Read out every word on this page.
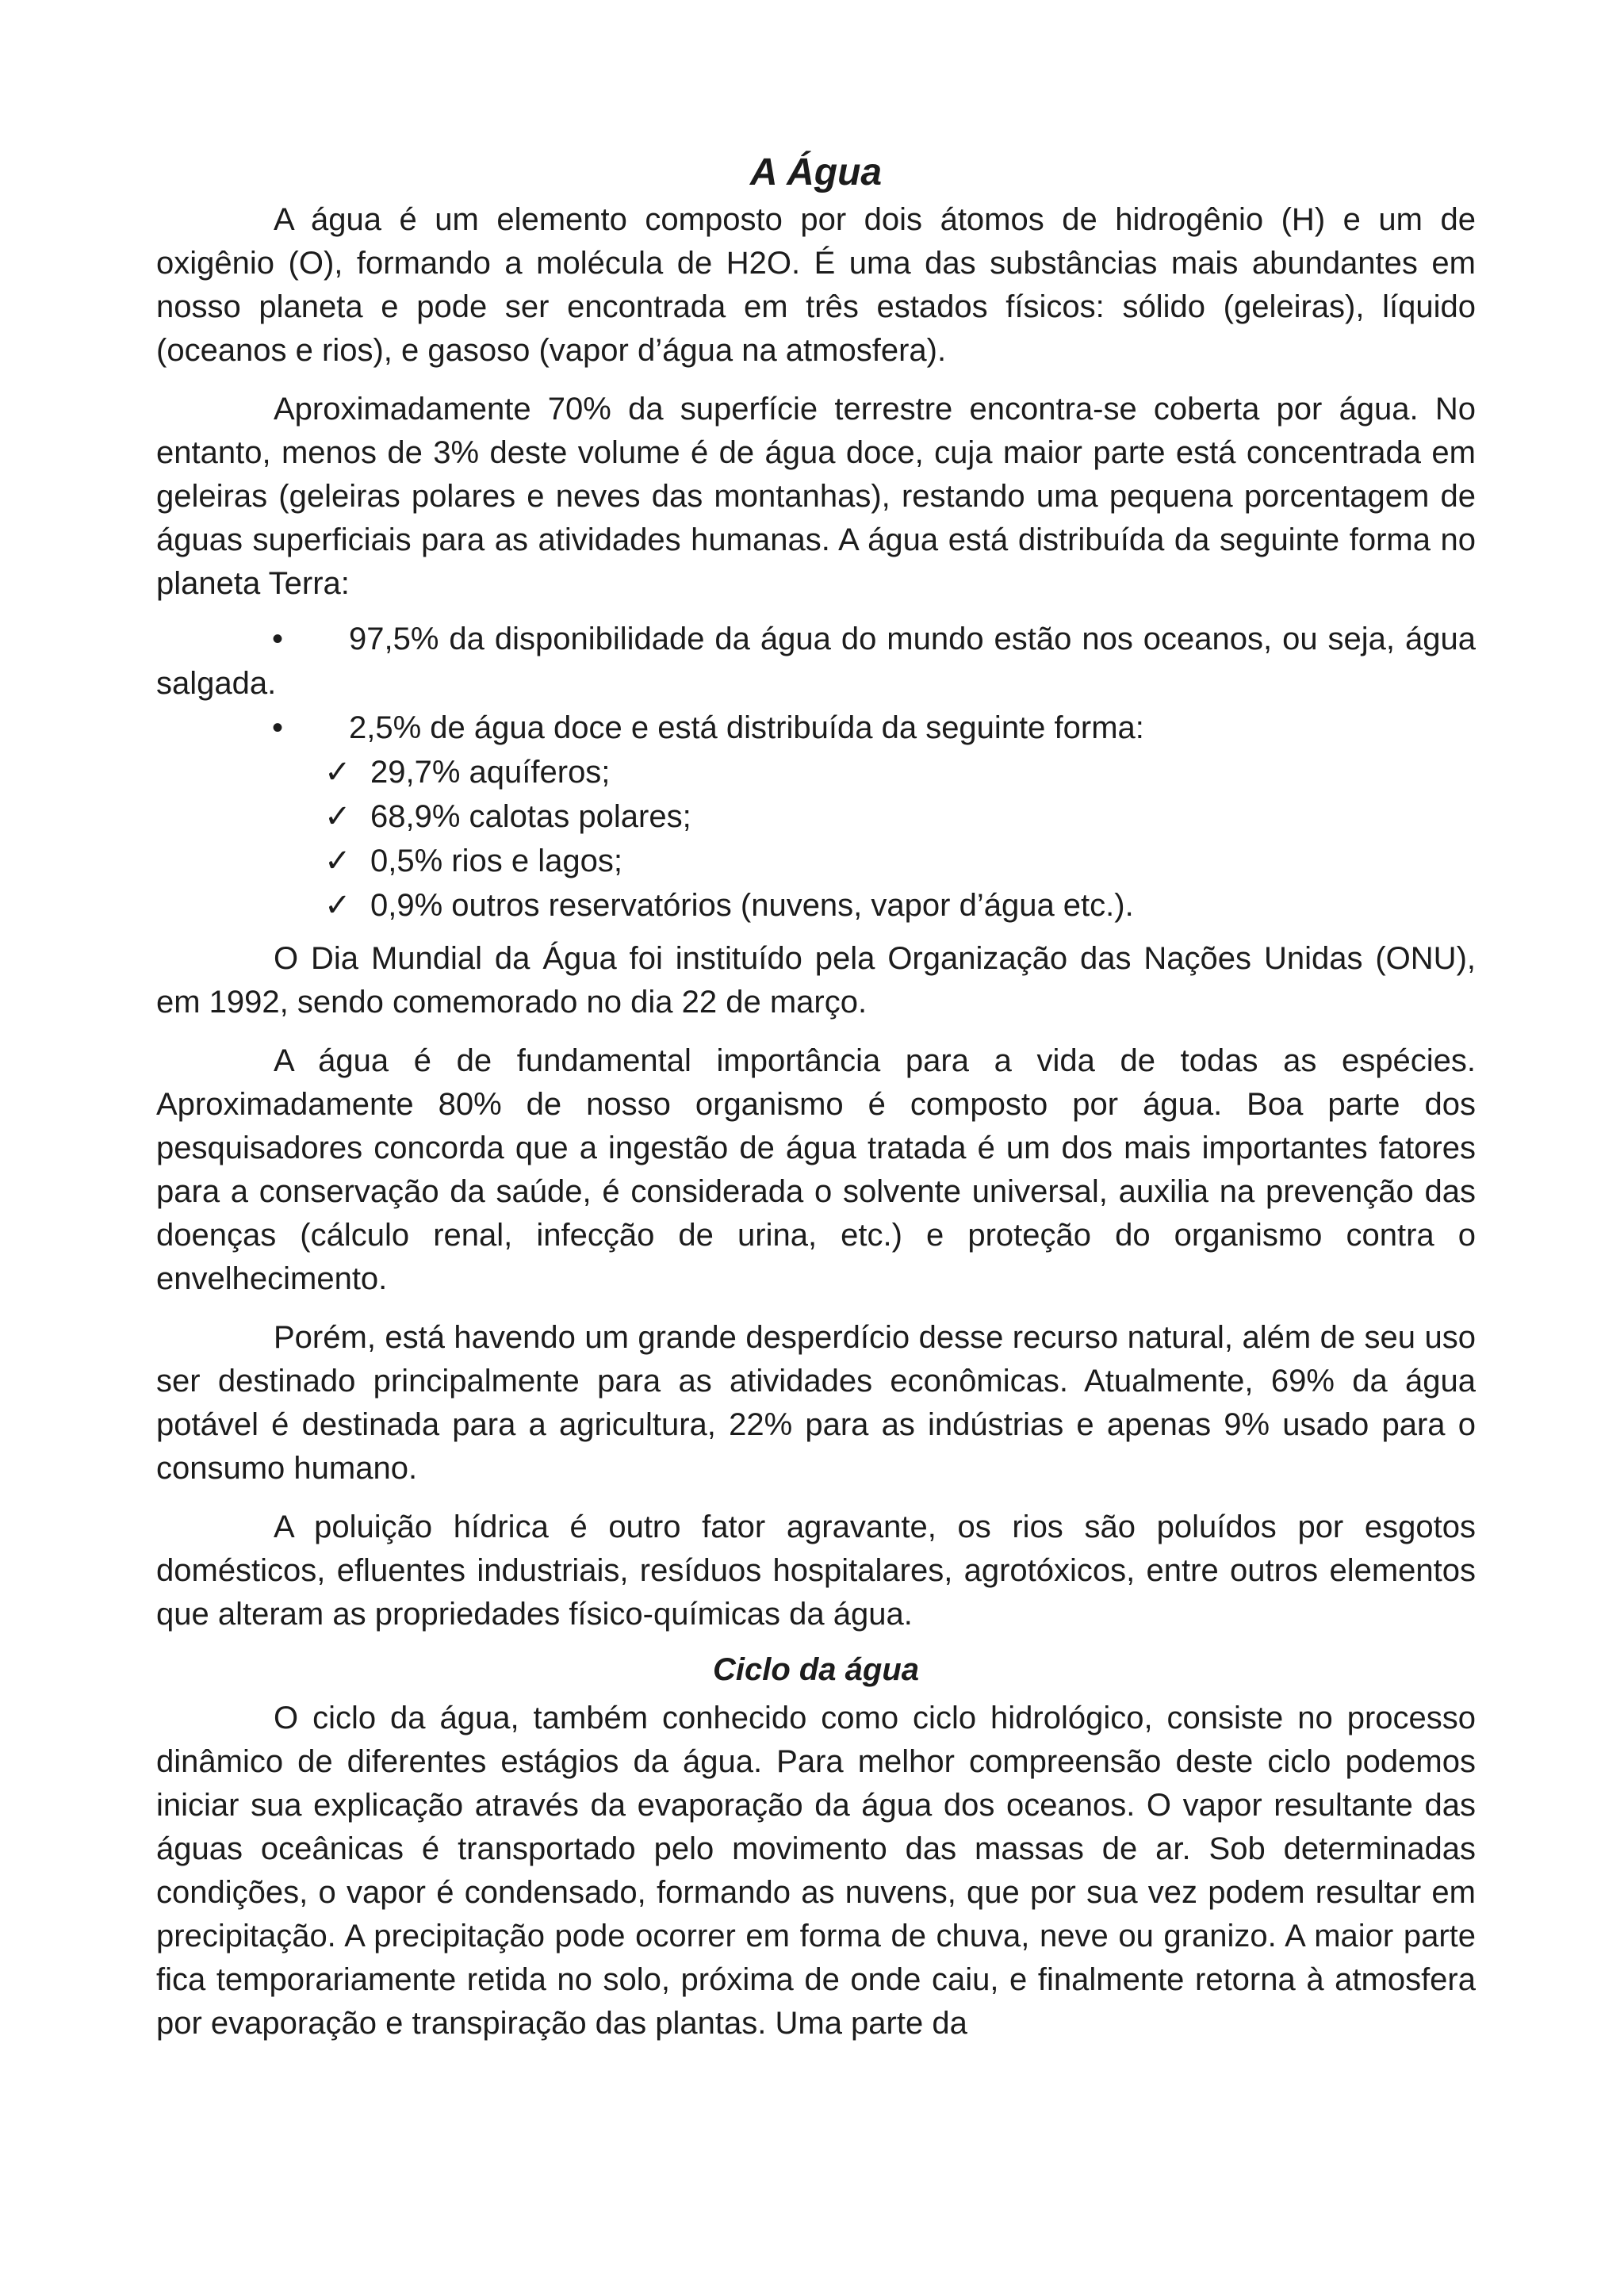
A Água

A água é um elemento composto por dois átomos de hidrogênio (H) e um de oxigênio (O), formando a molécula de H2O. É uma das substâncias mais abundantes em nosso planeta e pode ser encontrada em três estados físicos: sólido (geleiras), líquido (oceanos e rios), e gasoso (vapor d’água na atmosfera).

Aproximadamente 70% da superfície terrestre encontra-se coberta por água. No entanto, menos de 3% deste volume é de água doce, cuja maior parte está concentrada em geleiras (geleiras polares e neves das montanhas), restando uma pequena porcentagem de águas superficiais para as atividades humanas. A água está distribuída da seguinte forma no planeta Terra:

• 97,5% da disponibilidade da água do mundo estão nos oceanos, ou seja, água salgada.
• 2,5% de água doce e está distribuída da seguinte forma:
✓ 29,7% aquíferos;
✓ 68,9% calotas polares;
✓ 0,5% rios e lagos;
✓ 0,9% outros reservatórios (nuvens, vapor d’água etc.).

O Dia Mundial da Água foi instituído pela Organização das Nações Unidas (ONU), em 1992, sendo comemorado no dia 22 de março.

A água é de fundamental importância para a vida de todas as espécies. Aproximadamente 80% de nosso organismo é composto por água. Boa parte dos pesquisadores concorda que a ingestão de água tratada é um dos mais importantes fatores para a conservação da saúde, é considerada o solvente universal, auxilia na prevenção das doenças (cálculo renal, infecção de urina, etc.) e proteção do organismo contra o envelhecimento.

Porém, está havendo um grande desperdício desse recurso natural, além de seu uso ser destinado principalmente para as atividades econômicas. Atualmente, 69% da água potável é destinada para a agricultura, 22% para as indústrias e apenas 9% usado para o consumo humano.

A poluição hídrica é outro fator agravante, os rios são poluídos por esgotos domésticos, efluentes industriais, resíduos hospitalares, agrotóxicos, entre outros elementos que alteram as propriedades físico-químicas da água.

Ciclo da água

O ciclo da água, também conhecido como ciclo hidrológico, consiste no processo dinâmico de diferentes estágios da água. Para melhor compreensão deste ciclo podemos iniciar sua explicação através da evaporação da água dos oceanos. O vapor resultante das águas oceânicas é transportado pelo movimento das massas de ar. Sob determinadas condições, o vapor é condensado, formando as nuvens, que por sua vez podem resultar em precipitação. A precipitação pode ocorrer em forma de chuva, neve ou granizo. A maior parte fica temporariamente retida no solo, próxima de onde caiu, e finalmente retorna à atmosfera por evaporação e transpiração das plantas. Uma parte da
